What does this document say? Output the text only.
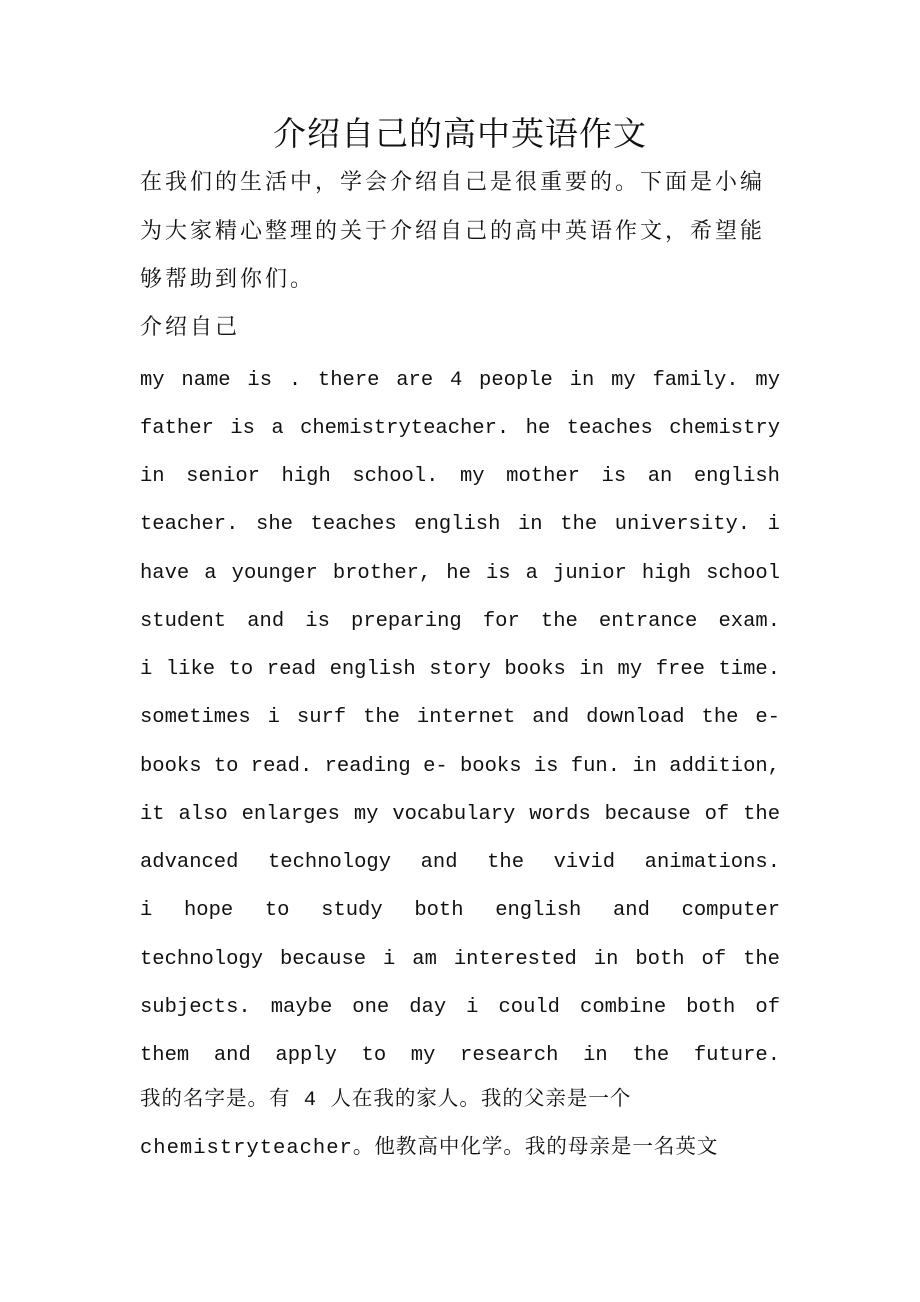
介绍自己的高中英语作文
在我们的生活中，学会介绍自己是很重要的。下面是小编
为大家精心整理的关于介绍自己的高中英语作文，希望能
够帮助到你们。
介绍自己
my name is . there are 4 people in my family. my
father is a chemistryteacher. he teaches chemistry
in senior high school. my mother is an english
teacher. she teaches english in the university. i
have a younger brother, he is a junior high school
student and is preparing for the entrance exam.
i like to read english story books in my free time.
sometimes i surf the internet and download the e-
books to read. reading e- books is fun. in addition,
it also enlarges my vocabulary words because of the
advanced technology and the vivid animations.
i hope to study both english and computer
technology because i am interested in both of the
subjects. maybe one day i could combine both of
them and apply to my research in the future.
我的名字是。有 4 人在我的家人。我的父亲是一个
chemistryteacher。他教高中化学。我的母亲是一名英文
